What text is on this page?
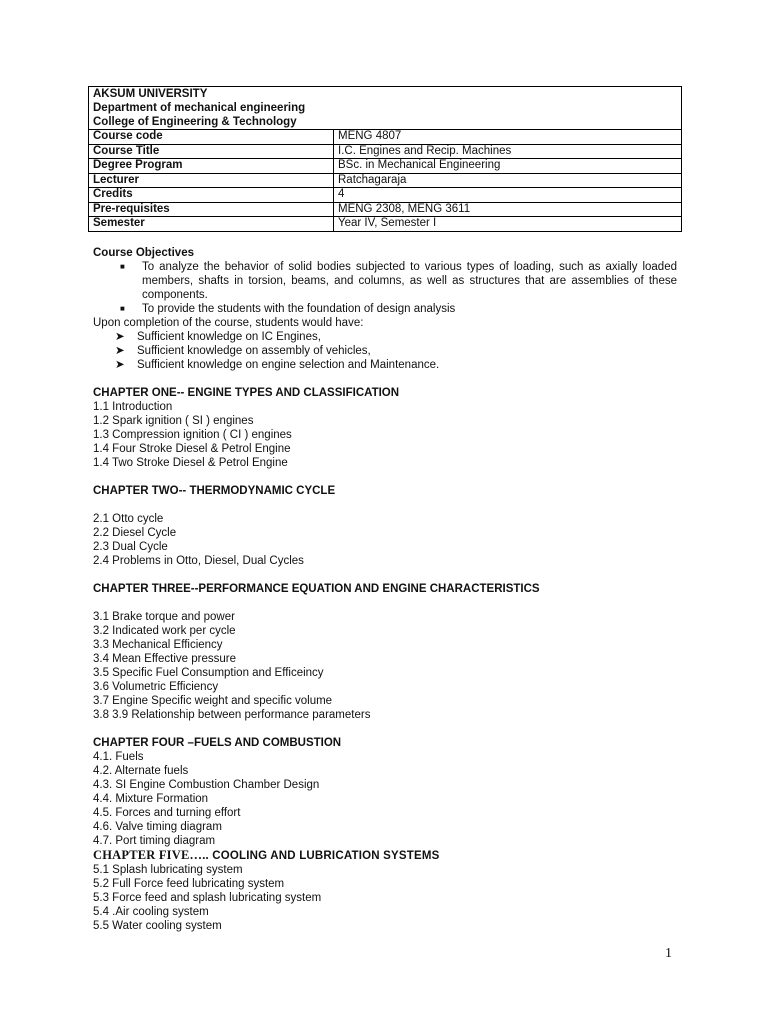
AKSUM UNIVERSITY
Department of mechanical engineering
College of Engineering & Technology	

Course code	MENG 4807
Course Title	I.C. Engines and Recip. Machines
Degree Program	BSc. in Mechanical Engineering
Lecturer	Ratchagaraja
Credits	4
Pre-requisites	MENG 2308, MENG 3611
Semester	Year IV, Semester I
Course Objectives
■	To analyze the behavior of solid bodies subjected to various types of loading, such as axially loaded members, shafts in torsion, beams, and columns, as well as structures that are assemblies of these components.
■	To provide the students with the foundation of design analysis
Upon completion of the course, students would have:
➤ Sufficient knowledge on IC Engines,
➤ Sufficient knowledge on assembly of vehicles,
➤ Sufficient knowledge on engine selection and Maintenance.
CHAPTER ONE-- ENGINE TYPES AND CLASSIFICATION
1.1 Introduction
1.2 Spark ignition ( SI ) engines
1.3 Compression ignition ( CI ) engines
1.4 Four Stroke Diesel & Petrol Engine
1.4 Two Stroke Diesel & Petrol Engine
CHAPTER TWO-- THERMODYNAMIC CYCLE
2.1 Otto cycle
2.2 Diesel Cycle
2.3 Dual Cycle
2.4 Problems in Otto, Diesel, Dual Cycles
CHAPTER THREE--PERFORMANCE EQUATION AND ENGINE CHARACTERISTICS
3.1 Brake torque and power
3.2 Indicated work per cycle
3.3 Mechanical Efficiency
3.4 Mean Effective pressure
3.5 Specific Fuel Consumption and Efficeincy
3.6 Volumetric Efficiency
3.7 Engine Specific weight and specific volume
3.8 3.9 Relationship between performance parameters
CHAPTER FOUR –FUELS AND COMBUSTION
4.1. Fuels
4.2. Alternate fuels
4.3. SI Engine Combustion Chamber Design
4.4. Mixture Formation
4.5. Forces and turning effort
4.6. Valve timing diagram
4.7. Port timing diagram
CHAPTER FIVE….. COOLING AND LUBRICATION SYSTEMS
5.1 Splash lubricating system
5.2 Full Force feed lubricating system
5.3 Force feed and splash lubricating system
5.4 .Air cooling system
5.5 Water cooling system
1
